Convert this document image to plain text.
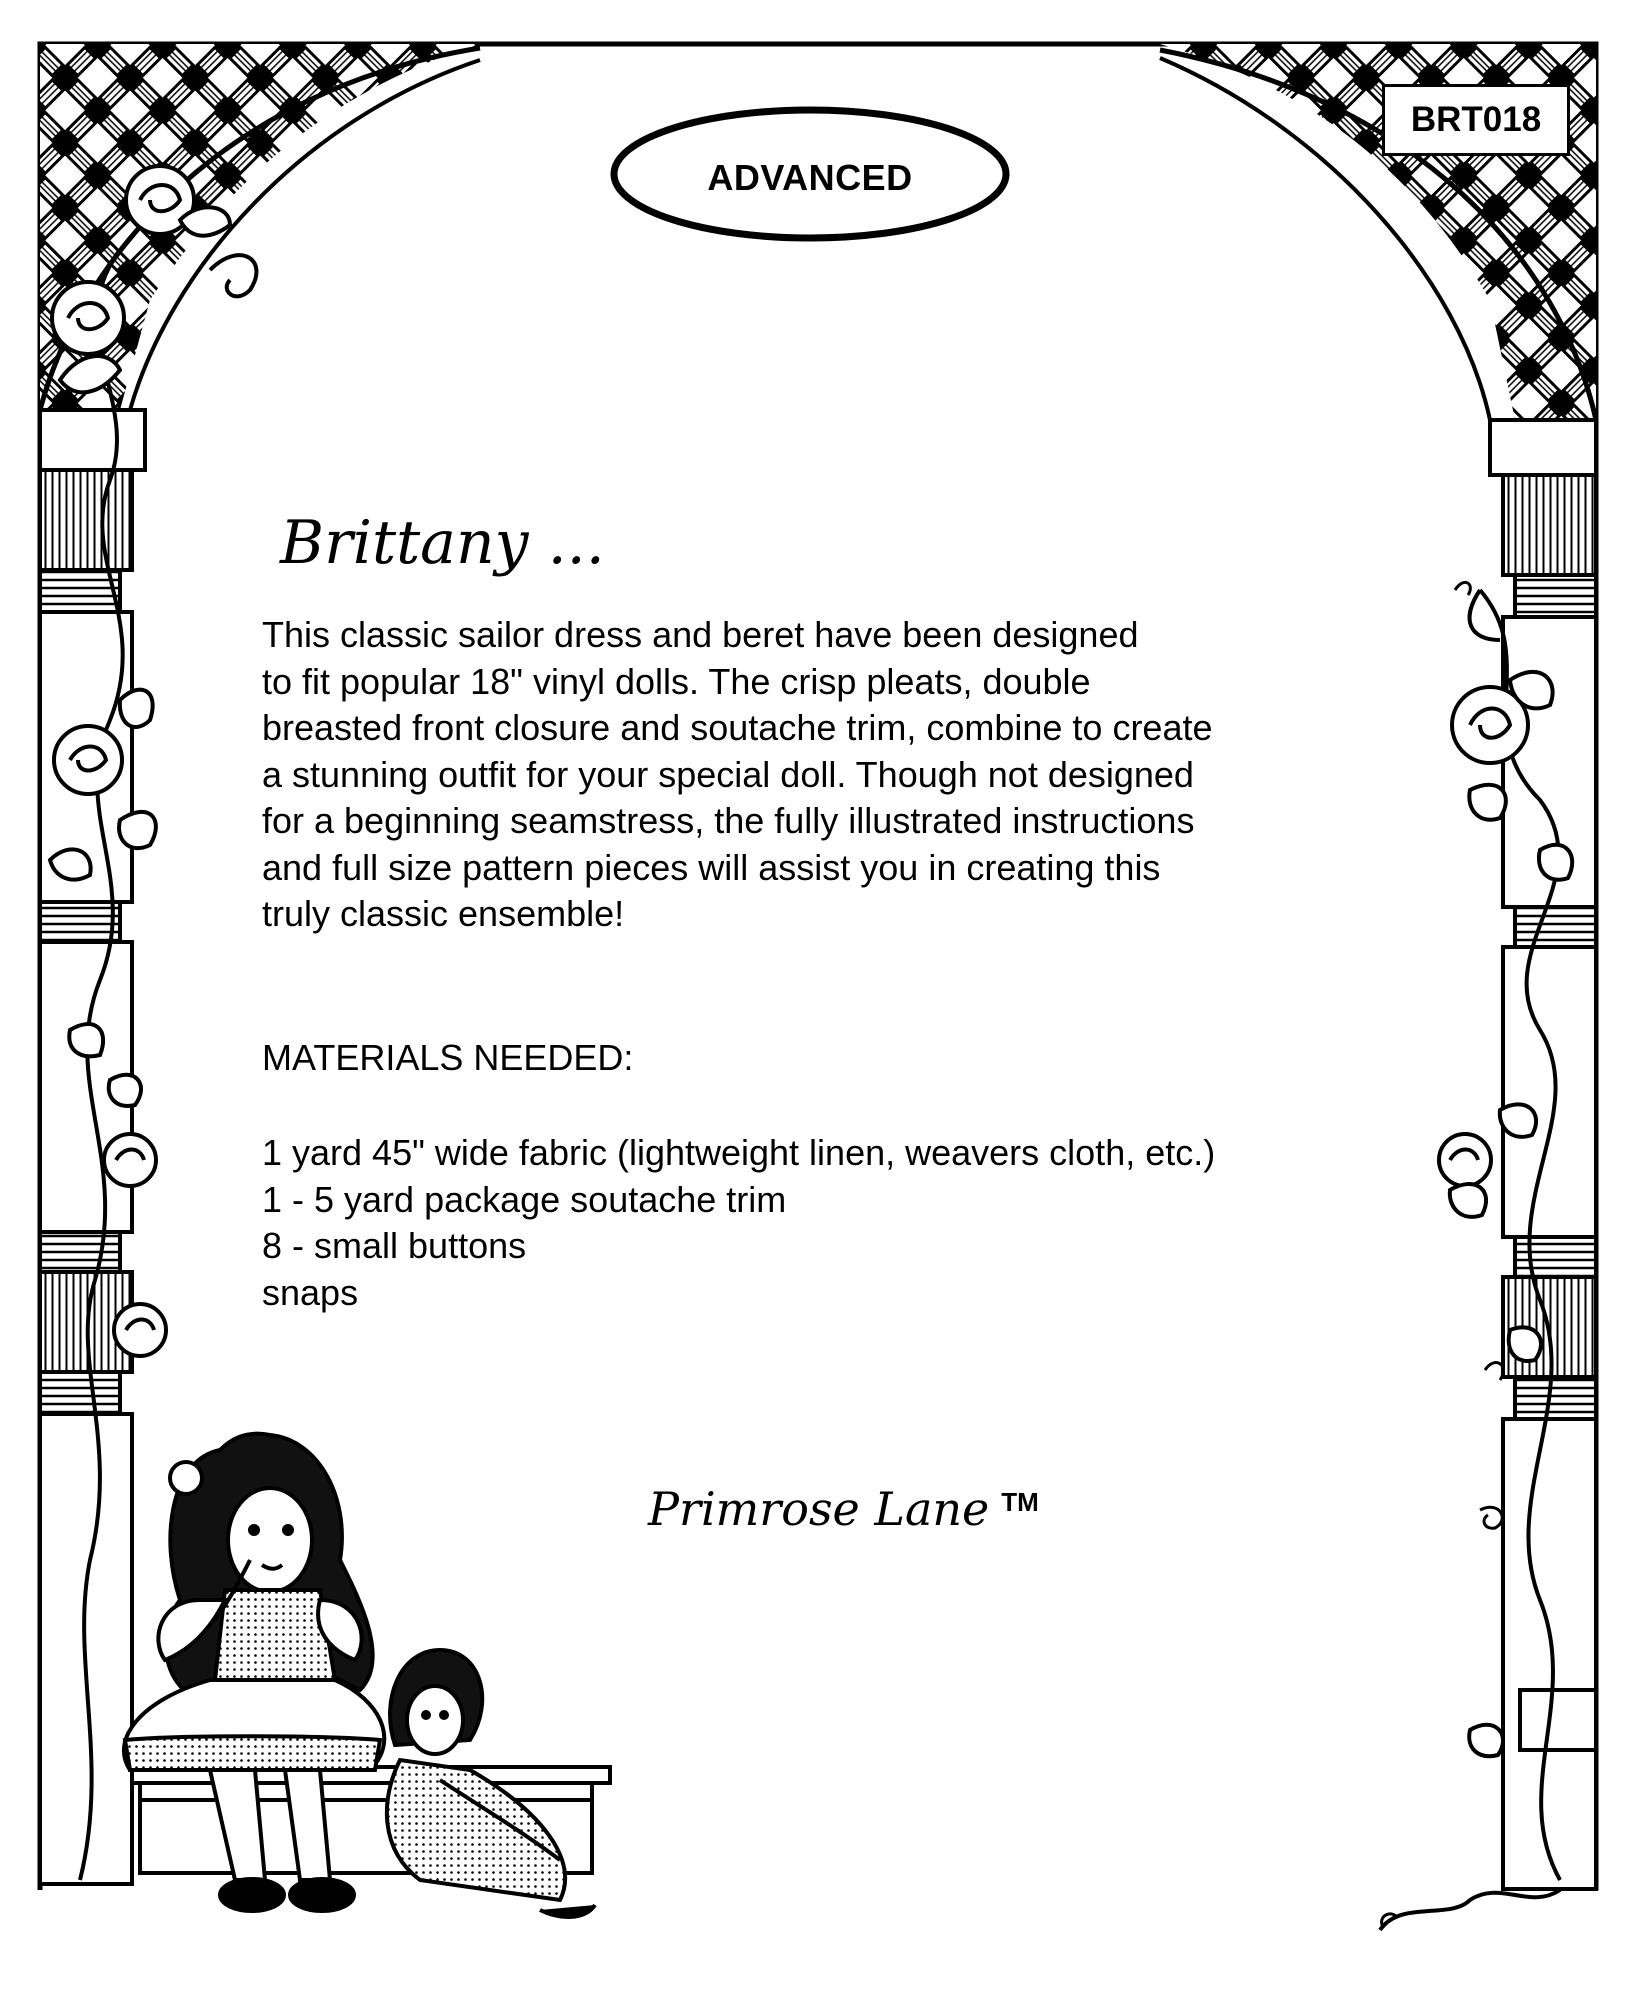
ADVANCED
BRT018
Brittany ...
This classic sailor dress and beret have been designed
to fit popular 18" vinyl dolls. The crisp pleats, double
breasted front closure and soutache trim, combine to create
a stunning outfit for your special doll. Though not designed
for a beginning seamstress, the fully illustrated instructions
and full size pattern pieces will assist you in creating this
truly classic ensemble!
MATERIALS NEEDED:
1 yard 45" wide fabric (lightweight linen, weavers cloth, etc.)
1 - 5 yard package soutache trim
8 - small buttons
snaps
Primrose Lane ™
